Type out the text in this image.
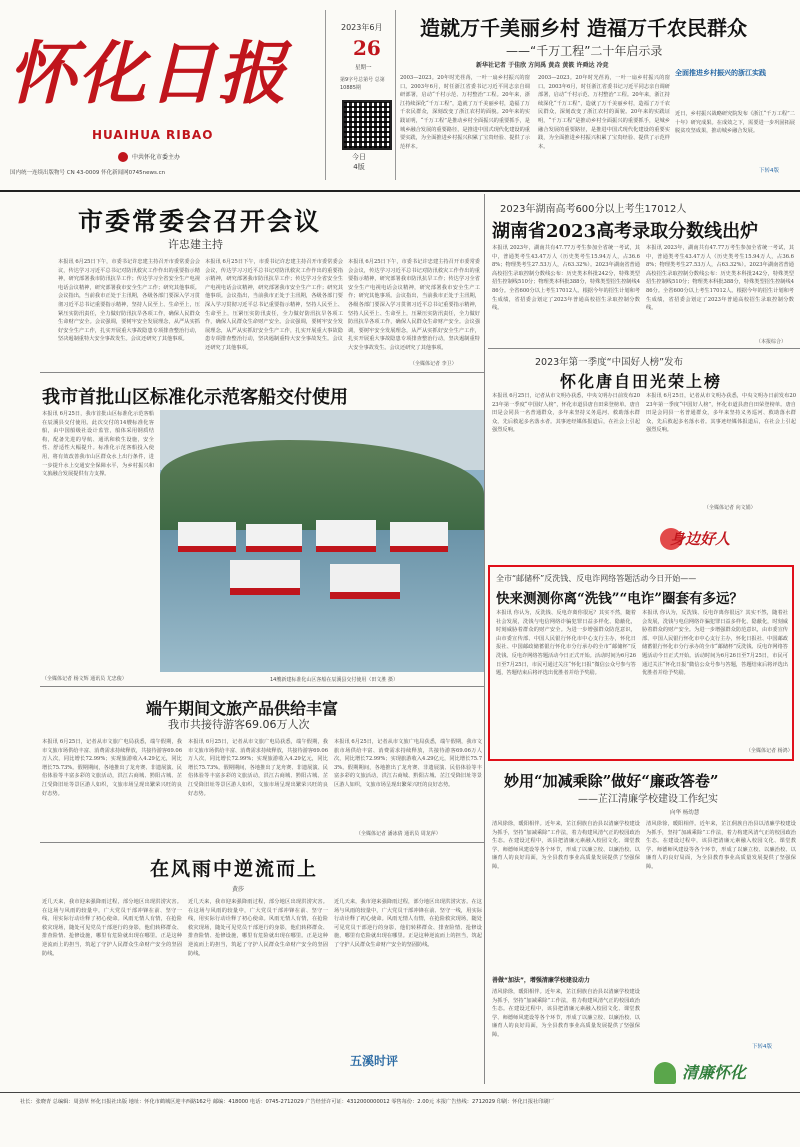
怀化日报
HUAIHUA RIBAO
中共怀化市委主办
国内统一连续出版物号 CN 43-0009 怀化新闻网0745news.cn
2023年6月
26
星期一
第9字号总第号 总第10885期
今日
4版
造就万千美丽乡村 造福万千农民群众
——“千万工程”二十年启示录
新华社记者 于佳欣 方问禹 黄垚 黄筱 许舜达 冷竞
2003—2023。20年时光荏苒，一叶一扇乡村振兴的窗口。2003年6月，时任浙江省委书记习近平同志亲自调研部署，启动“千村示范、万村整治”工程。20年来，浙江持续深化“千万工程”，造就了万千美丽乡村，造福了万千农民群众，深刻改变了浙江农村的面貌。20年来的实践证明，“千万工程”是推动乡村全面振兴的重要抓手，是城乡融合发展的重要路径，是推进中国式现代化建设的重要实践，为全面推进乡村振兴积累了宝贵经验、提供了示范样本。
2003—2023。20年时光荏苒，一叶一扇乡村振兴的窗口。2003年6月，时任浙江省委书记习近平同志亲自调研部署，启动“千村示范、万村整治”工程。20年来，浙江持续深化“千万工程”，造就了万千美丽乡村，造福了万千农民群众，深刻改变了浙江农村的面貌。20年来的实践证明，“千万工程”是推动乡村全面振兴的重要抓手，是城乡融合发展的重要路径，是推进中国式现代化建设的重要实践，为全面推进乡村振兴积累了宝贵经验、提供了示范样本。
全面推进乡村振兴的浙江实践
近日，乡村振兴战略研究院发布《浙江“千万工程”二十年》研究成果。在成效之下，需要进一步巩固拓展脱贫攻坚成果，推动城乡融合发展。
下转4版
市委常委会召开会议
许忠建主持
本报讯 6月25日下午，市委书记许忠建主持召开市委常委会会议，传达学习习近平总书记对防汛救灾工作作出的重要指示精神，研究部署我市防汛抗旱工作；传达学习全省安全生产电视电话会议精神，研究部署我市安全生产工作；研究其他事项。会议指出，当前我市正处于主汛期，各级各部门要深入学习贯彻习近平总书记重要指示精神，坚持人民至上、生命至上，压紧压实防汛责任，全力做好防汛抗旱各项工作，确保人民群众生命财产安全。会议强调，要树牢安全发展理念，从严从实抓好安全生产工作，扎实开展重大事故隐患专项排查整治行动，坚决遏制重特大安全事故发生。会议还研究了其他事项。
本报讯 6月25日下午，市委书记许忠建主持召开市委常委会会议，传达学习习近平总书记对防汛救灾工作作出的重要指示精神，研究部署我市防汛抗旱工作；传达学习全省安全生产电视电话会议精神，研究部署我市安全生产工作；研究其他事项。会议指出，当前我市正处于主汛期，各级各部门要深入学习贯彻习近平总书记重要指示精神，坚持人民至上、生命至上，压紧压实防汛责任，全力做好防汛抗旱各项工作，确保人民群众生命财产安全。会议强调，要树牢安全发展理念，从严从实抓好安全生产工作，扎实开展重大事故隐患专项排查整治行动，坚决遏制重特大安全事故发生。会议还研究了其他事项。
本报讯 6月25日下午，市委书记许忠建主持召开市委常委会会议，传达学习习近平总书记对防汛救灾工作作出的重要指示精神，研究部署我市防汛抗旱工作；传达学习全省安全生产电视电话会议精神，研究部署我市安全生产工作；研究其他事项。会议指出，当前我市正处于主汛期，各级各部门要深入学习贯彻习近平总书记重要指示精神，坚持人民至上、生命至上，压紧压实防汛责任，全力做好防汛抗旱各项工作，确保人民群众生命财产安全。会议强调，要树牢安全发展理念，从严从实抓好安全生产工作，扎实开展重大事故隐患专项排查整治行动，坚决遏制重特大安全事故发生。会议还研究了其他事项。
（全媒体记者 李卫）
2023年湖南高考600分以上考生17012人
湖南省2023高考录取分数线出炉
本报讯 2023年，湖南共有47.77万考生参加全省统一考试，其中，普通类考生43.47万人（历史类考生15.94万人，占36.68%；物理类考生27.53万人，占63.32%）。2023年湖南省普通高校招生录取控制分数线公布：历史类本科批242分，特殊类型招生控制线510分；物理类本科批388分，特殊类型招生控制线486分。全省600分以上考生17012人。根据今年的招生计划和考生成绩，省招委会划定了2023年普通高校招生录取控制分数线。
本报讯 2023年，湖南共有47.77万考生参加全省统一考试，其中，普通类考生43.47万人（历史类考生15.94万人，占36.68%；物理类考生27.53万人，占63.32%）。2023年湖南省普通高校招生录取控制分数线公布：历史类本科批242分，特殊类型招生控制线510分；物理类本科批388分，特殊类型招生控制线486分。全省600分以上考生17012人。根据今年的招生计划和考生成绩，省招委会划定了2023年普通高校招生录取控制分数线。
（本报综合）
2023年第一季度“中国好人榜”发布
怀化唐自田光荣上榜
本报讯 6月25日，记者从市文明办获悉，中央文明办日前发布2023年第一季度“中国好人榜”，怀化市道县唐自田荣登榜单。唐自田是会同县一名普通群众，多年来坚持义务巡河、救助落水群众，先后救起多名落水者。其事迹经媒体报道后，在社会上引起强烈反响。
本报讯 6月25日，记者从市文明办获悉，中央文明办日前发布2023年第一季度“中国好人榜”，怀化市道县唐自田荣登榜单。唐自田是会同县一名普通群众，多年来坚持义务巡河、救助落水群众，先后救起多名落水者。其事迹经媒体报道后，在社会上引起强烈反响。
（全媒体记者 向文娟）
身边好人
我市首批山区标准化示范客船交付使用
本报讯 6月25日，我市首批山区标准化示范客船在辰溪县交付使用。此次交付的14艘标准化客船，由中国船级社设计监管，船体采用钢质结构，配备先进的导航、通讯和救生设施，安全性、舒适性大幅提升。标准化示范客船投入使用，将有效改善我市山区群众水上出行条件，进一步提升水上交通安全保障水平，为乡村振兴和文旅融合发展提供有力支撑。
（全媒体记者 杨文辉 通讯员 尤忠俊）	14艘新建标准化山区客船在辰溪县交付使用（田文胜 摄）
端午期间文旅产品供给丰富
我市共接待游客69.06万人次
本报讯 6月25日，记者从市文旅广电局获悉，端午假期，我市文旅市场供给丰富、消费需求持续释放，共接待游客69.06万人次，同比增长72.99%；实现旅游收入4.29亿元，同比增长75.73%。假期期间，各地推出了龙舟赛、非遗展演、民俗体验等丰富多彩的文旅活动，洪江古商城、黔阳古城、芷江受降旧址等景区游人如织，文旅市场呈现出繁荣兴旺的良好态势。
本报讯 6月25日，记者从市文旅广电局获悉，端午假期，我市文旅市场供给丰富、消费需求持续释放，共接待游客69.06万人次，同比增长72.99%；实现旅游收入4.29亿元，同比增长75.73%。假期期间，各地推出了龙舟赛、非遗展演、民俗体验等丰富多彩的文旅活动，洪江古商城、黔阳古城、芷江受降旧址等景区游人如织，文旅市场呈现出繁荣兴旺的良好态势。
本报讯 6月25日，记者从市文旅广电局获悉，端午假期，我市文旅市场供给丰富、消费需求持续释放，共接待游客69.06万人次，同比增长72.99%；实现旅游收入4.29亿元，同比增长75.73%。假期期间，各地推出了龙舟赛、非遗展演、民俗体验等丰富多彩的文旅活动，洪江古商城、黔阳古城、芷江受降旧址等景区游人如织，文旅市场呈现出繁荣兴旺的良好态势。
（全媒体记者 潘冰倩 通讯员 周龙萍）
全市“邮储杯”反洗钱、反电诈网络答题活动今日开始——
快来测测你离“洗钱”“电诈”圈套有多远？
本报讯 你认为，反洗钱、反电诈离你很远？其实不然，随着社会发展，洗钱与电信网络诈骗犯罪日益多样化、隐蔽化，时刻威胁着群众的财产安全。为进一步增强群众防范意识，由市委宣传部、中国人民银行怀化市中心支行主办，怀化日报社、中国邮政储蓄银行怀化市分行承办的全市“邮储杯”反洗钱、反电诈网络答题活动今日正式开始。活动时间为6月26日至7月25日，市民可通过关注“怀化日报”微信公众号参与答题，答题结束后将评选出优胜者并给予奖励。
本报讯 你认为，反洗钱、反电诈离你很远？其实不然，随着社会发展，洗钱与电信网络诈骗犯罪日益多样化、隐蔽化，时刻威胁着群众的财产安全。为进一步增强群众防范意识，由市委宣传部、中国人民银行怀化市中心支行主办，怀化日报社、中国邮政储蓄银行怀化市分行承办的全市“邮储杯”反洗钱、反电诈网络答题活动今日正式开始。活动时间为6月26日至7月25日，市民可通过关注“怀化日报”微信公众号参与答题，答题结束后将评选出优胜者并给予奖励。
（全媒体记者 杨鸿）
妙用“加减乘除”做好“廉政答卷”
——芷江清廉学校建设工作纪实
向华 杨幼慧
清风徐徐，暖阳相伴。近年来，芷江侗族自治县以清廉学校建设为抓手，坚持“加减乘除”工作法，着力构建风清气正的校园政治生态。在建设过程中，该县把清廉元素融入校园文化、课堂教学、师德师风建设等各个环节，形成了以廉立校、以廉治校、以廉育人的良好局面，为全县教育事业高质量发展提供了坚强保障。
善做“加法”，增强清廉学校建设动力
清风徐徐，暖阳相伴。近年来，芷江侗族自治县以清廉学校建设为抓手，坚持“加减乘除”工作法，着力构建风清气正的校园政治生态。在建设过程中，该县把清廉元素融入校园文化、课堂教学、师德师风建设等各个环节，形成了以廉立校、以廉治校、以廉育人的良好局面，为全县教育事业高质量发展提供了坚强保障。
清风徐徐，暖阳相伴。近年来，芷江侗族自治县以清廉学校建设为抓手，坚持“加减乘除”工作法，着力构建风清气正的校园政治生态。在建设过程中，该县把清廉元素融入校园文化、课堂教学、师德师风建设等各个环节，形成了以廉立校、以廉治校、以廉育人的良好局面，为全县教育事业高质量发展提供了坚强保障。
下转4版
清廉怀化
在风雨中逆流而上
黄莎
近几天来，我市迎来强降雨过程，部分地区出现洪涝灾害。在这场与风雨的较量中，广大党员干部冲锋在前、坚守一线，用实际行动诠释了初心使命。风雨无情人有情，在抢险救灾现场，随处可见党员干部逆行的身影，他们转移群众、排查险情、抢修设施，哪里有危险就出现在哪里。正是这种逆流而上的担当，筑起了守护人民群众生命财产安全的坚固防线。
近几天来，我市迎来强降雨过程，部分地区出现洪涝灾害。在这场与风雨的较量中，广大党员干部冲锋在前、坚守一线，用实际行动诠释了初心使命。风雨无情人有情，在抢险救灾现场，随处可见党员干部逆行的身影，他们转移群众、排查险情、抢修设施，哪里有危险就出现在哪里。正是这种逆流而上的担当，筑起了守护人民群众生命财产安全的坚固防线。
近几天来，我市迎来强降雨过程，部分地区出现洪涝灾害。在这场与风雨的较量中，广大党员干部冲锋在前、坚守一线，用实际行动诠释了初心使命。风雨无情人有情，在抢险救灾现场，随处可见党员干部逆行的身影，他们转移群众、排查险情、抢修设施，哪里有危险就出现在哪里。正是这种逆流而上的担当，筑起了守护人民群众生命财产安全的坚固防线。
五溪时评
社长：张晓青 总编辑：周劲草 怀化日报社出版 地址：怀化市鹤城区迎丰西路162号 邮编：418000 电话：0745-2712029 广告经营许可证：4312000000012 零售每份：2.00元 本报广告热线：2712029 印刷：怀化日报社印刷厂
